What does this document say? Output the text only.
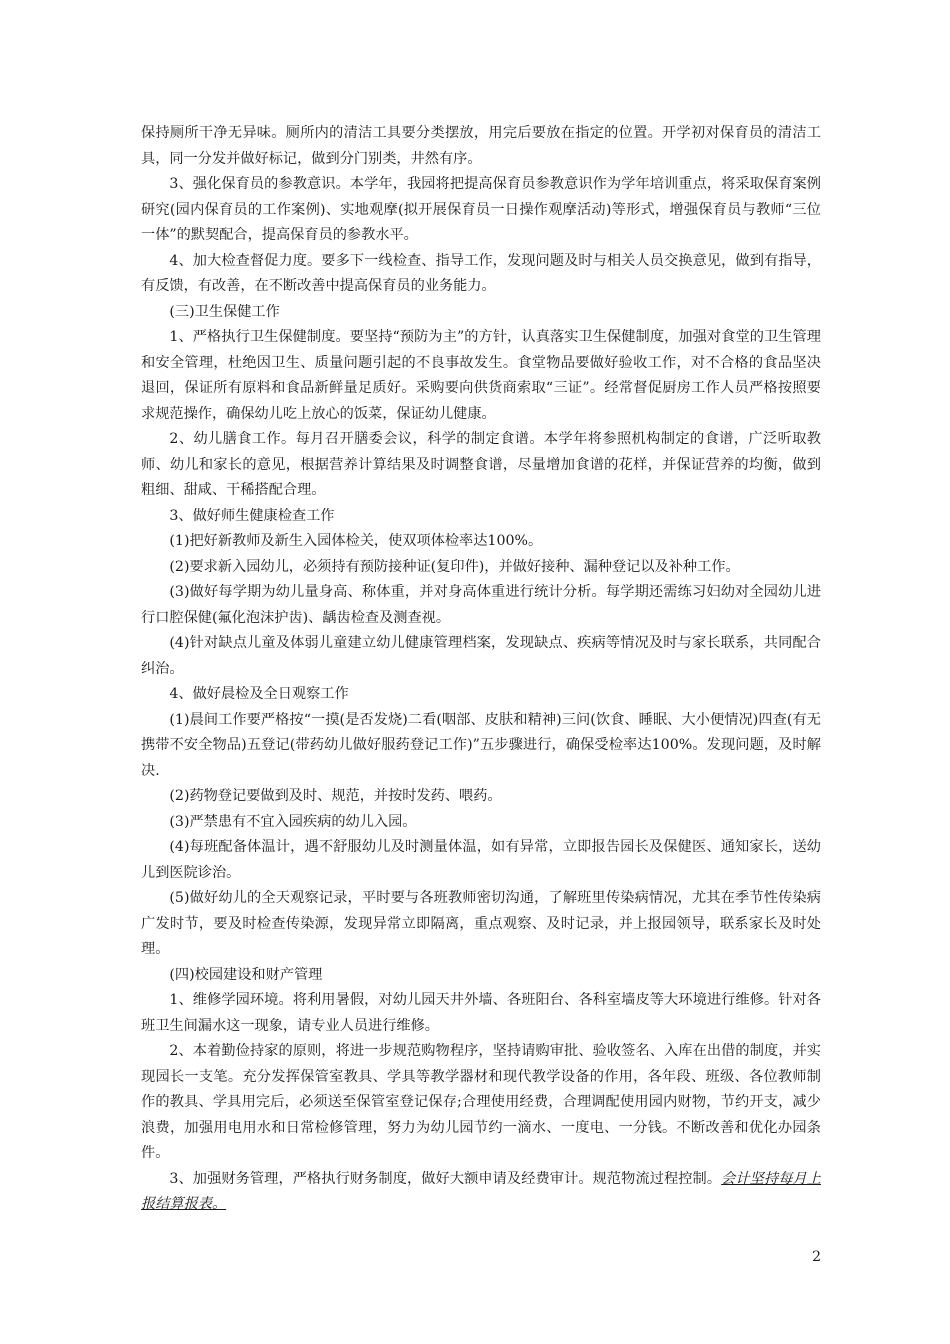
保持厕所干净无异味。厕所内的清洁工具要分类摆放，用完后要放在指定的位置。开学初对保育员的清洁工具，同一分发并做好标记，做到分门别类，井然有序。

3、强化保育员的参教意识。本学年，我园将把提高保育员参教意识作为学年培训重点，将采取保育案例研究(园内保育员的工作案例)、实地观摩(拟开展保育员一日操作观摩活动)等形式，增强保育员与教师“三位一体”的默契配合，提高保育员的参教水平。

4、加大检查督促力度。要多下一线检查、指导工作，发现问题及时与相关人员交换意见，做到有指导，有反馈，有改善，在不断改善中提高保育员的业务能力。

(三)卫生保健工作

1、严格执行卫生保健制度。要坚持“预防为主”的方针，认真落实卫生保健制度，加强对食堂的卫生管理和安全管理，杜绝因卫生、质量问题引起的不良事故发生。食堂物品要做好验收工作，对不合格的食品坚决退回，保证所有原料和食品新鲜量足质好。采购要向供货商索取“三证”。经常督促厨房工作人员严格按照要求规范操作，确保幼儿吃上放心的饭菜，保证幼儿健康。

2、幼儿膳食工作。每月召开膳委会议，科学的制定食谱。本学年将参照机构制定的食谱，广泛听取教师、幼儿和家长的意见，根据营养计算结果及时调整食谱，尽量增加食谱的花样，并保证营养的均衡，做到粗细、甜咸、干稀搭配合理。

3、做好师生健康检查工作

(1)把好新教师及新生入园体检关，使双项体检率达100%。

(2)要求新入园幼儿，必须持有预防接种证(复印件)，并做好接种、漏种登记以及补种工作。

(3)做好每学期为幼儿量身高、称体重，并对身高体重进行统计分析。每学期还需练习妇幼对全园幼儿进行口腔保健(氟化泡沫护齿)、龋齿检查及测查视。

(4)针对缺点儿童及体弱儿童建立幼儿健康管理档案，发现缺点、疾病等情况及时与家长联系，共同配合纠治。

4、做好晨检及全日观察工作

(1)晨间工作要严格按“一摸(是否发烧)二看(咽部、皮肤和精神)三问(饮食、睡眠、大小便情况)四查(有无携带不安全物品)五登记(带药幼儿做好服药登记工作)”五步骤进行，确保受检率达100%。发现问题，及时解决.

(2)药物登记要做到及时、规范，并按时发药、喂药。

(3)严禁患有不宜入园疾病的幼儿入园。

(4)每班配备体温计，遇不舒服幼儿及时测量体温，如有异常，立即报告园长及保健医、通知家长，送幼儿到医院诊治。

(5)做好幼儿的全天观察记录，平时要与各班教师密切沟通，了解班里传染病情况，尤其在季节性传染病广发时节，要及时检查传染源，发现异常立即隔离，重点观察、及时记录，并上报园领导，联系家长及时处理。

(四)校园建设和财产管理

1、维修学园环境。将利用暑假，对幼儿园天井外墙、各班阳台、各科室墙皮等大环境进行维修。针对各班卫生间漏水这一现象，请专业人员进行维修。

2、本着勤俭持家的原则，将进一步规范购物程序，坚持请购审批、验收签名、入库在出借的制度，并实现园长一支笔。充分发挥保管室教具、学具等教学器材和现代教学设备的作用，各年段、班级、各位教师制作的教具、学具用完后，必须送至保管室登记保存;合理使用经费，合理调配使用园内财物，节约开支，减少浪费，加强用电用水和日常检修管理，努力为幼儿园节约一滴水、一度电、一分钱。不断改善和优化办园条件。

3、加强财务管理，严格执行财务制度，做好大额申请及经费审计。规范物流过程控制。会计坚持每月上报结算报表。

2
